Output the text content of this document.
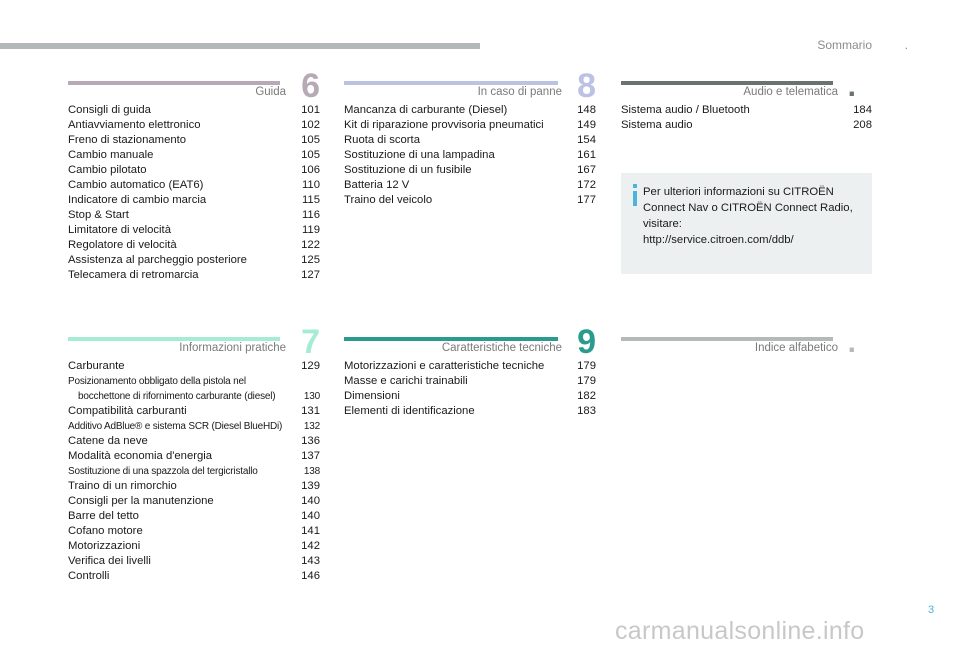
Sommario	.
Guida 6
Consigli di guida	101
Antiavviamento elettronico	102
Freno di stazionamento	105
Cambio manuale	105
Cambio pilotato	106
Cambio automatico (EAT6)	110
Indicatore di cambio marcia	115
Stop & Start	116
Limitatore di velocità	119
Regolatore di velocità	122
Assistenza al parcheggio posteriore	125
Telecamera di retromarcia	127
In caso di panne 8
Mancanza di carburante (Diesel)	148
Kit di riparazione provvisoria pneumatici	149
Ruota di scorta	154
Sostituzione di una lampadina	161
Sostituzione di un fusibile	167
Batteria 12 V	172
Traino del veicolo	177
Audio e telematica .
Sistema audio / Bluetooth	184
Sistema audio	208
Per ulteriori informazioni su CITROËN
Connect Nav o CITROËN Connect Radio,
visitare:
http://service.citroen.com/ddb/
Informazioni pratiche 7
Carburante	129
Posizionamento obbligato della pistola nel
bocchettone di rifornimento carburante (diesel)	130
Compatibilità carburanti	131
Additivo AdBlue® e sistema SCR (Diesel BlueHDi) 132
Catene da neve	136
Modalità economia d'energia	137
Sostituzione di una spazzola del tergicristallo	138
Traino di un rimorchio	139
Consigli per la manutenzione	140
Barre del tetto	140
Cofano motore	141
Motorizzazioni	142
Verifica dei livelli	143
Controlli	146
Caratteristiche tecniche 9
Motorizzazioni e caratteristiche tecniche	179
Masse e carichi trainabili	179
Dimensioni	182
Elementi di identificazione	183
Indice alfabetico .
3
carmanualsonline.info
